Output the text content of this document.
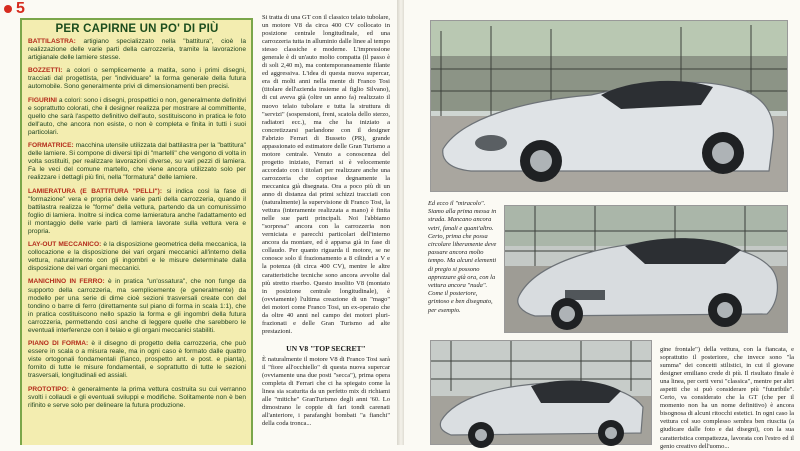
5
PER CAPIRNE UN PO' DI PIÙ

BATTILASTRA: artigiano specializzato nella "battitura", cioè la realizzazione delle varie parti della carrozzeria, tramite la lavorazione artigianale delle lamiere stesse.

BOZZETTI: a colori o semplicemente a matita, sono i primi disegni, tracciati dal progettista, per "individuare" la forma generale della futura automobile. Sono generalmente privi di dimensionamenti ben precisi.

FIGURINI a colori: sono i disegni, prospettici o non, generalmente definitivi e soprattutto colorati, che il designer realizza per mostrare al committente, quello che sarà l'aspetto definitivo dell'auto, sostituiscono in pratica le foto dell'auto, che ancora non esiste, o non è completa e finita in tutti i suoi particolari.

FORMATRICE: macchina utensile utilizzata dal battilastra per la "battitura" delle lamiere. Si compone di diversi tipi di "martelli" che vengono di volta in volta sostituiti, per realizzare lavorazioni diverse, su vari pezzi di lamiera. Fa le veci del comune martello, che viene ancora utilizzato solo per realizzare i dettagli più fini, nella "formatura" delle lamiere.

LAMIERATURA (E BATTITURA "PELLI"): si indica così la fase di "formazione" vera e propria delle varie parti della carrozzeria, quando il battilastra realizza le "forme" della vettura, partendo da un comunissimo foglio di lamiera. Inoltre si indica come lamieratura anche l'adattamento ed il montaggio delle varie parti di lamiera lavorate sulla vettura vera e propria.

LAY-OUT MECCANICO: è la disposizione geometrica della meccanica, la collocazione e la disposizione dei vari organi meccanici all'interno della vettura, naturalmente con gli ingombri e le misure determinate dalla disposizione dei vari organi meccanici.

MANICHINO IN FERRO: è in pratica "un'ossatura", che non funge da supporto della carrozzeria, ma semplicemente (e generalmente) da modello per una serie di dime cioè sezioni trasversali create con del tondino o barre di ferro (direttamente sul piano di forma in scala 1:1), che in pratica costituiscono nello spazio la forma e gli ingombri della futura carrozzeria, permettendo così anche di leggere quelle che sarebbero le eventuali interferenze con il telaio e gli organi meccanici stabiliti.

PIANO DI FORMA: è il disegno di progetto della carrozzeria, che può essere in scala o a misura reale, ma in ogni caso è formato dalle quattro viste ortogonali fondamentali (fianco, prospetto ant. e post. e pianta), fornito di tutte le misure fondamentali, e soprattutto di tutte le sezioni trasversali, longitudinali ed assiali.

PROTOTIPO: è generalmente la prima vettura costruita su cui verranno svolti i collaudi e gli eventuali sviluppi e modifiche. Solitamente non è ben rifinito e serve solo per delineare la futura produzione.

Si tratta di una GT con il classico telaio tubolare, un motore V8 da circa 400 CV collocato in posizione centrale longitudinale, ed una carrozzeria tutta in alluminio dalle linee al tempo stesso classiche e moderne. L'impressione generale è di un'auto molto compatta (il passo è di soli 2,40 m), ma contemporaneamente filante ed aggressiva. L'idea di questa nuova supercar, era di molti anni nella mente di Franco Tosi (titolare dell'azienda insieme al figlio Silvano), di cui aveva già (oltre un anno fa) realizzato il nuovo telaio tubolare e tutta la struttura di "servizi" (sospensioni, freni, scatola dello sterzo, radiatori ecc.), ma che ha iniziato a concretizzarsi parlandone con il designer Fabrizio Ferrari di Busseto (PR), grande appassionato ed estimatore delle Gran Turismo a motore centrale. Venuto a conoscenza del progetto iniziato, Ferrari si è velocemente accordato con i titolari per realizzare anche una carrozzeria che coprisse degnamente la meccanica già disegnata. Ora a poco più di un anno di distanza dai primi schizzi tracciati con (naturalmente) la supervisione di Franco Tosi, la vettura (interamente realizzata a mano) è finita nelle sue parti principali. Noi l'abbiamo "sorpresa" ancora con la carrozzeria non verniciata e parecchi particolari dell'interno ancora da montare, ed è apparsa già in fase di collaudo. Per quanto riguarda il motore, se ne conosce solo il frazionamento a 8 cilindri a V e la potenza (di circa 400 CV), mentre le altre caratteristiche tecniche sono ancora avvolte dal più stretto riserbo. Questo insolito V8 (montato in posizione centrale longitudinale), è (ovviamente) l'ultima creazione di un "mago" dei motori come Franco Tosi, un ex-operaio che da oltre 40 anni nel campo dei motori pluri-frazionati e delle Gran Turismo ad alte prestazioni.
UN V8 "TOP SECRET"
È naturalmente il motore V8 di Franco Tosi sarà il "fiore all'occhiello" di questa nuova supercar (ovviamente una due posti "secca"), prima opera completa di Ferrari che ci ha spiegato come la linea sia scaturita da un perfetto mix di richiami alle "mitiche" GranTurismo degli anni '60. Lo dimostrano le coppie di fari tondi carenati all'anteriore, i parafanghi bombati "a fianchi" della coda tronca...
Ed ecco il "miracolo". Siamo alla prima messa in strada. Mancano ancora vetri, fanali e quant'altro. Certo, prima che possa circolare liberamente deve passare ancora molto tempo. Ma alcuni elementi di pregio si possono apprezzare già ora, con la vettura ancora "nuda". Come il posteriore, grintoso e ben disegnato, per esempio.
gine frontale") della vettura, con la fiancata, e soprattutto il posteriore, che invece sono "la summa" dei concetti stilistici, in cui il giovane designer emiliano crede di più. Il risultato finale è una linea, per certi versi "classica", mentre per altri aspetti che si può considerare più "futuribile". Certo, va considerato che la GT (che per il momento non ha un nome definitivo) è ancora bisognosa di alcuni ritocchi estetici. In ogni caso la vettura col suo complesso sembra ben riuscita (a giudicare dalle foto e dai disegni), con la sua caratteristica compattezza, lavorata con l'estro ed il genio creativo dell'uomo...
